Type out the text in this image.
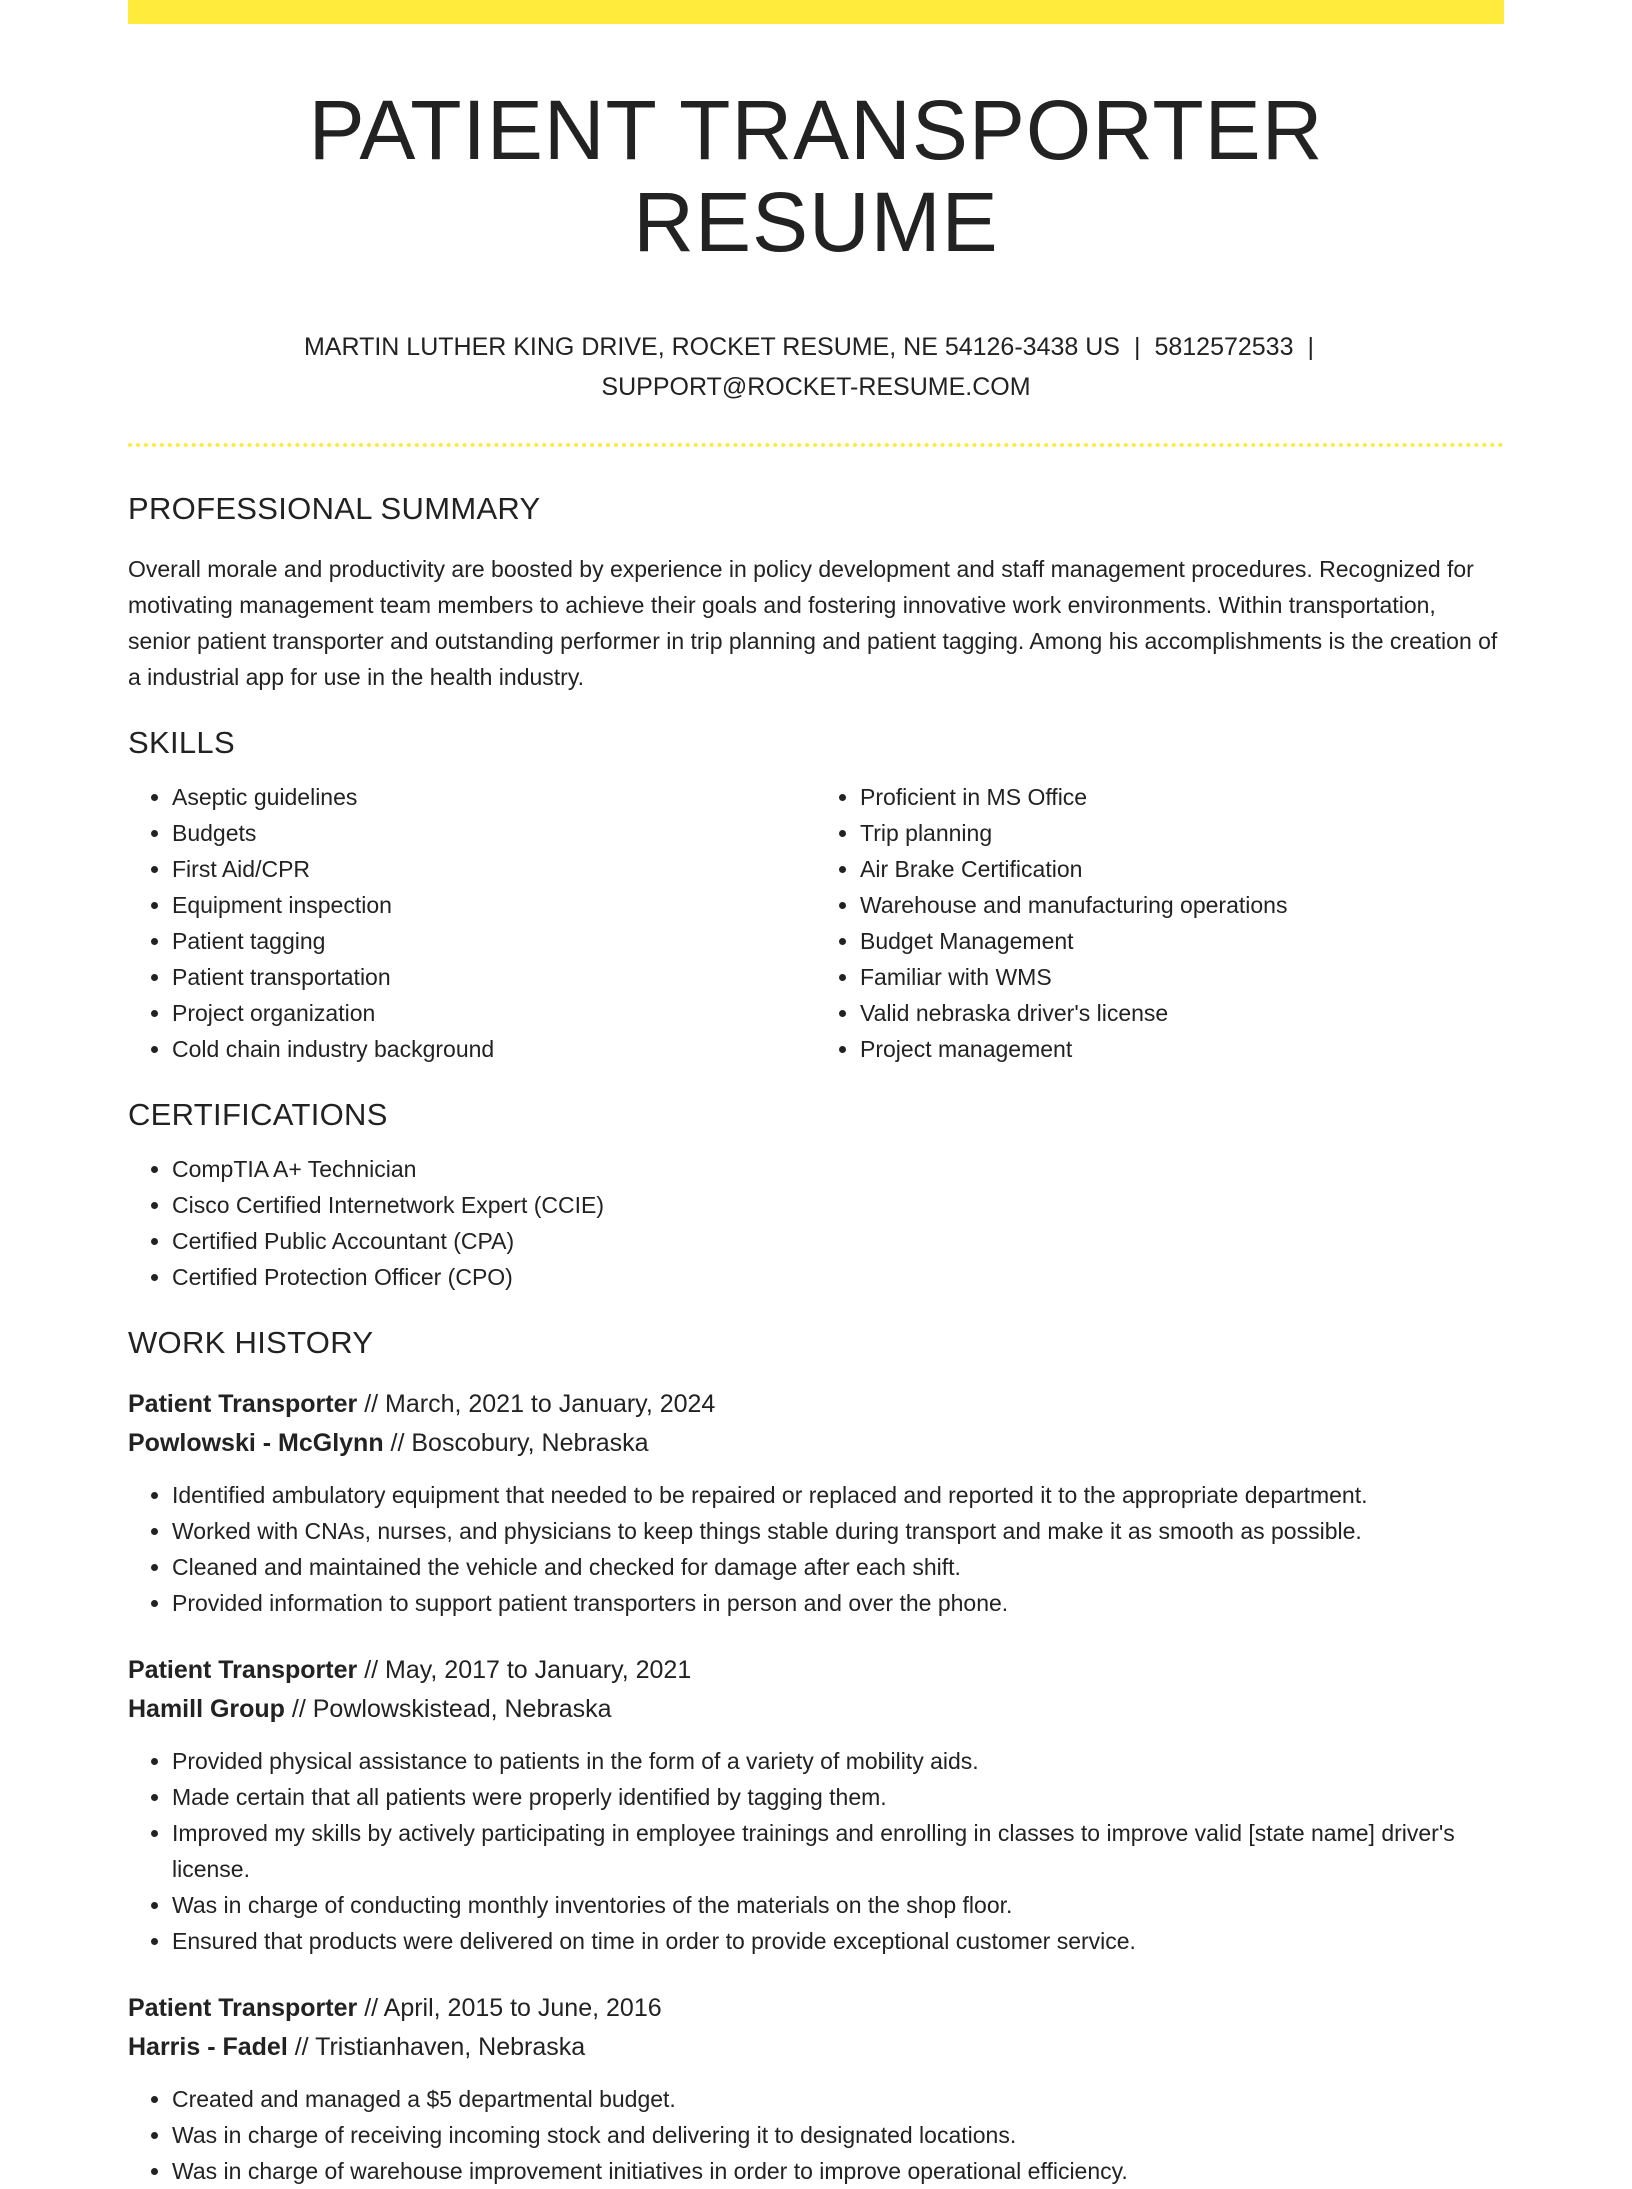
PATIENT TRANSPORTER RESUME
MARTIN LUTHER KING DRIVE, ROCKET RESUME, NE 54126-3438 US | 5812572533 |
SUPPORT@ROCKET-RESUME.COM
PROFESSIONAL SUMMARY

Overall morale and productivity are boosted by experience in policy development and staff management procedures. Recognized for motivating management team members to achieve their goals and fostering innovative work environments. Within transportation, senior patient transporter and outstanding performer in trip planning and patient tagging. Among his accomplishments is the creation of a industrial app for use in the health industry.

SKILLS
• Aseptic guidelines
• Budgets
• First Aid/CPR
• Equipment inspection
• Patient tagging
• Patient transportation
• Project organization
• Cold chain industry background
• Proficient in MS Office
• Trip planning
• Air Brake Certification
• Warehouse and manufacturing operations
• Budget Management
• Familiar with WMS
• Valid nebraska driver's license
• Project management
CERTIFICATIONS
• CompTIA A+ Technician
• Cisco Certified Internetwork Expert (CCIE)
• Certified Public Accountant (CPA)
• Certified Protection Officer (CPO)
WORK HISTORY
Patient Transporter // March, 2021 to January, 2024
Powlowski - McGlynn // Boscobury, Nebraska
• Identified ambulatory equipment that needed to be repaired or replaced and reported it to the appropriate department.
• Worked with CNAs, nurses, and physicians to keep things stable during transport and make it as smooth as possible.
• Cleaned and maintained the vehicle and checked for damage after each shift.
• Provided information to support patient transporters in person and over the phone.
Patient Transporter // May, 2017 to January, 2021
Hamill Group // Powlowskistead, Nebraska
• Provided physical assistance to patients in the form of a variety of mobility aids.
• Made certain that all patients were properly identified by tagging them.
• Improved my skills by actively participating in employee trainings and enrolling in classes to improve valid [state name] driver's license.
• Was in charge of conducting monthly inventories of the materials on the shop floor.
• Ensured that products were delivered on time in order to provide exceptional customer service.
Patient Transporter // April, 2015 to June, 2016
Harris - Fadel // Tristianhaven, Nebraska
• Created and managed a $5 departmental budget.
• Was in charge of receiving incoming stock and delivering it to designated locations.
• Was in charge of warehouse improvement initiatives in order to improve operational efficiency.
